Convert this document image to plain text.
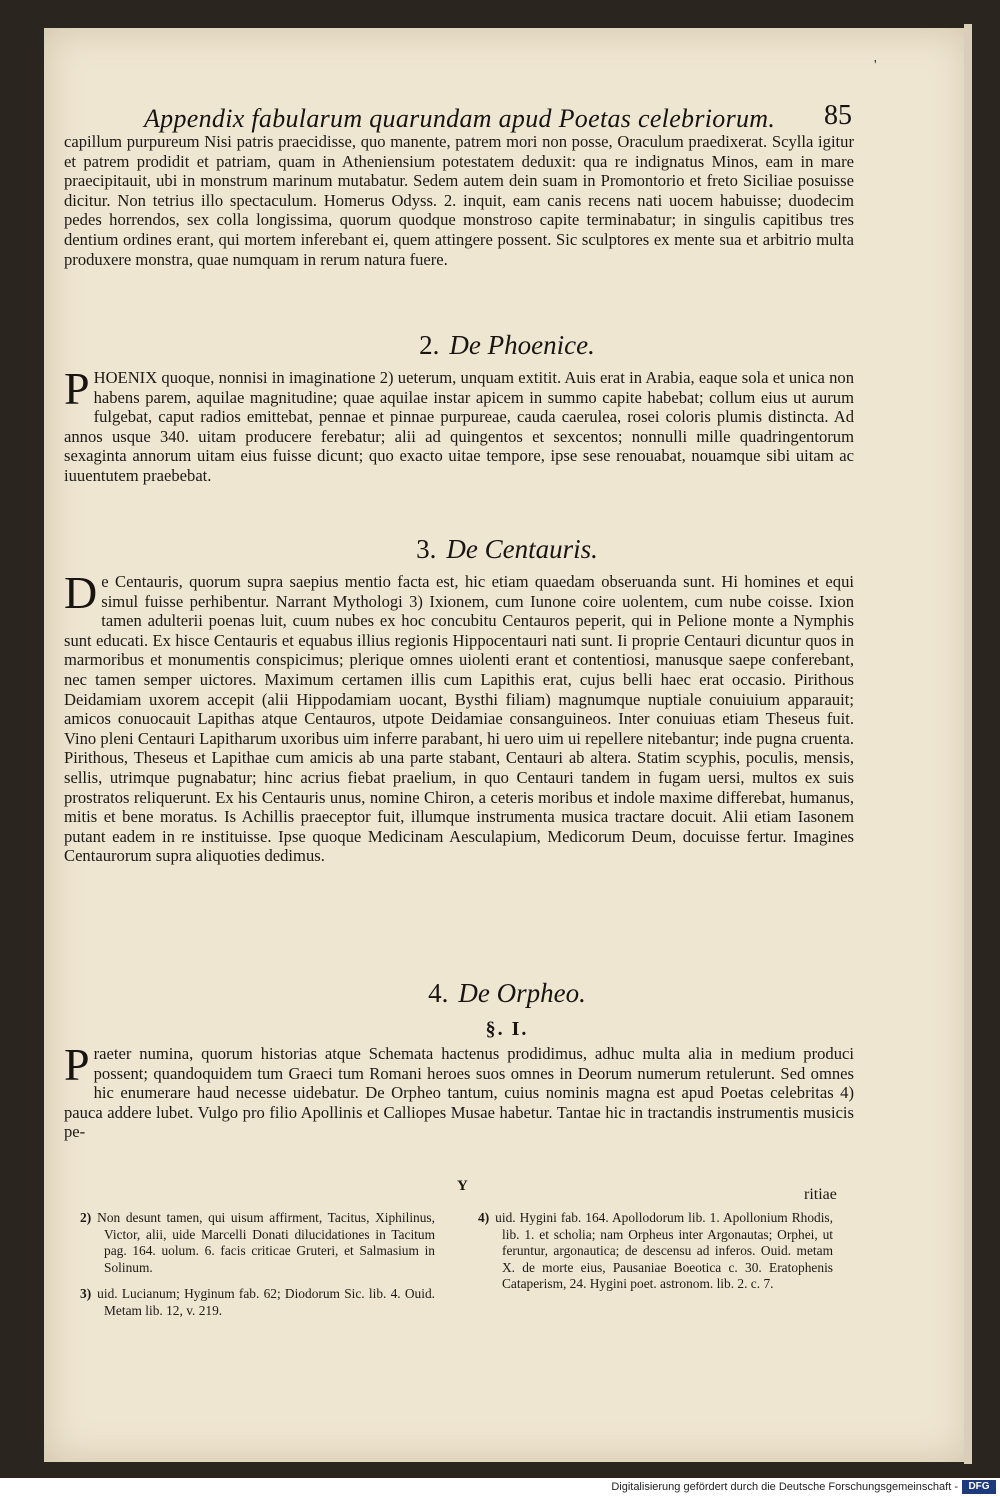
'
Appendix fabularum quarundam apud Poetas celebriorum.	85

capillum purpureum Nisi patris praecidisse, quo manente, patrem mori non posse, Oraculum praedixerat. Scylla igitur et patrem prodidit et patriam, quam in Atheniensium potestatem deduxit: qua re indignatus Minos, eam in mare praecipitauit, ubi in monstrum marinum mutabatur. Sedem autem dein suam in Promontorio et freto Siciliae posuisse dicitur. Non tetrius illo spectaculum. Homerus Odyss. 2. inquit, eam canis recens nati uocem habuisse; duodecim pedes horrendos, sex colla longissima, quorum quodque monstroso capite terminabatur; in singulis capitibus tres dentium ordines erant, qui mortem inferebant ei, quem attingere possent. Sic sculptores ex mente sua et arbitrio multa produxere monstra, quae numquam in rerum natura fuere.

2. De Phoenice.

PHOENIX quoque, nonnisi in imaginatione 2) ueterum, unquam extitit. Auis erat in Arabia, eaque sola et unica non habens parem, aquilae magnitudine; quae aquilae instar apicem in summo capite habebat; collum eius ut aurum fulgebat, caput radios emittebat, pennae et pinnae purpureae, cauda caerulea, rosei coloris plumis distincta. Ad annos usque 340. uitam producere ferebatur; alii ad quingentos et sexcentos; nonnulli mille quadringentorum sexaginta annorum uitam eius fuisse dicunt; quo exacto uitae tempore, ipse sese renouabat, nouamque sibi uitam ac iuuentutem praebebat.

3. De Centauris.

De Centauris, quorum supra saepius mentio facta est, hic etiam quaedam obseruanda sunt. Hi homines et equi simul fuisse perhibentur. Narrant Mythologi 3) Ixionem, cum Iunone coire uolentem, cum nube coisse. Ixion tamen adulterii poenas luit, cuum nubes ex hoc concubitu Centauros peperit, qui in Pelione monte a Nymphis sunt educati. Ex hisce Centauris et equabus illius regionis Hippocentauri nati sunt. Ii proprie Centauri dicuntur quos in marmoribus et monumentis conspicimus; plerique omnes uiolenti erant et contentiosi, manusque saepe conferebant, nec tamen semper uictores. Maximum certamen illis cum Lapithis erat, cujus belli haec erat occasio. Pirithous Deidamiam uxorem accepit (alii Hippodamiam uocant, Bysthi filiam) magnumque nuptiale conuiuium apparauit; amicos conuocauit Lapithas atque Centauros, utpote Deidamiae consanguineos. Inter conuiuas etiam Theseus fuit. Vino pleni Centauri Lapitharum uxoribus uim inferre parabant, hi uero uim ui repellere nitebantur; inde pugna cruenta. Pirithous, Theseus et Lapithae cum amicis ab una parte stabant, Centauri ab altera. Statim scyphis, poculis, mensis, sellis, utrimque pugnabatur; hinc acrius fiebat praelium, in quo Centauri tandem in fugam uersi, multos ex suis prostratos reliquerunt. Ex his Centauris unus, nomine Chiron, a ceteris moribus et indole maxime differebat, humanus, mitis et bene moratus. Is Achillis praeceptor fuit, illumque instrumenta musica tractare docuit. Alii etiam Iasonem putant eadem in re instituisse. Ipse quoque Medicinam Aesculapium, Medicorum Deum, docuisse fertur. Imagines Centaurorum supra aliquoties dedimus.

4. De Orpheo.
§. I.

Praeter numina, quorum historias atque Schemata hactenus prodidimus, adhuc multa alia in medium produci possent; quandoquidem tum Graeci tum Romani heroes suos omnes in Deorum numerum retulerunt. Sed omnes hic enumerare haud necesse uidebatur. De Orpheo tantum, cuius nominis magna est apud Poetas celebritas 4) pauca addere lubet. Vulgo pro filio Apollinis et Calliopes Musae habetur. Tantae hic in tractandis instrumentis musicis pe-

Y	ritiae

2) Non desunt tamen, qui uisum affirment, Tacitus, Xiphilinus, Victor, alii, uide Marcelli Donati dilucidationes in Tacitum pag. 164. uolum. 6. facis criticae Gruteri, et Salmasium in Solinum.

3) uid. Lucianum; Hyginum fab. 62; Diodorum Sic. lib. 4. Ouid. Metam lib. 12, v. 219.

4) uid. Hygini fab. 164. Apollodorum lib. 1. Apollonium Rhodis, lib. 1. et scholia; nam Orpheus inter Argonautas; Orphei, ut feruntur, argonautica; de descensu ad inferos. Ouid. metam X. de morte eius, Pausaniae Boeotica c. 30. Eratophenis Cataperism, 24. Hygini poet. astronom. lib. 2. c. 7.

Digitalisierung gefördert durch die Deutsche Forschungsgemeinschaft -	DFG
